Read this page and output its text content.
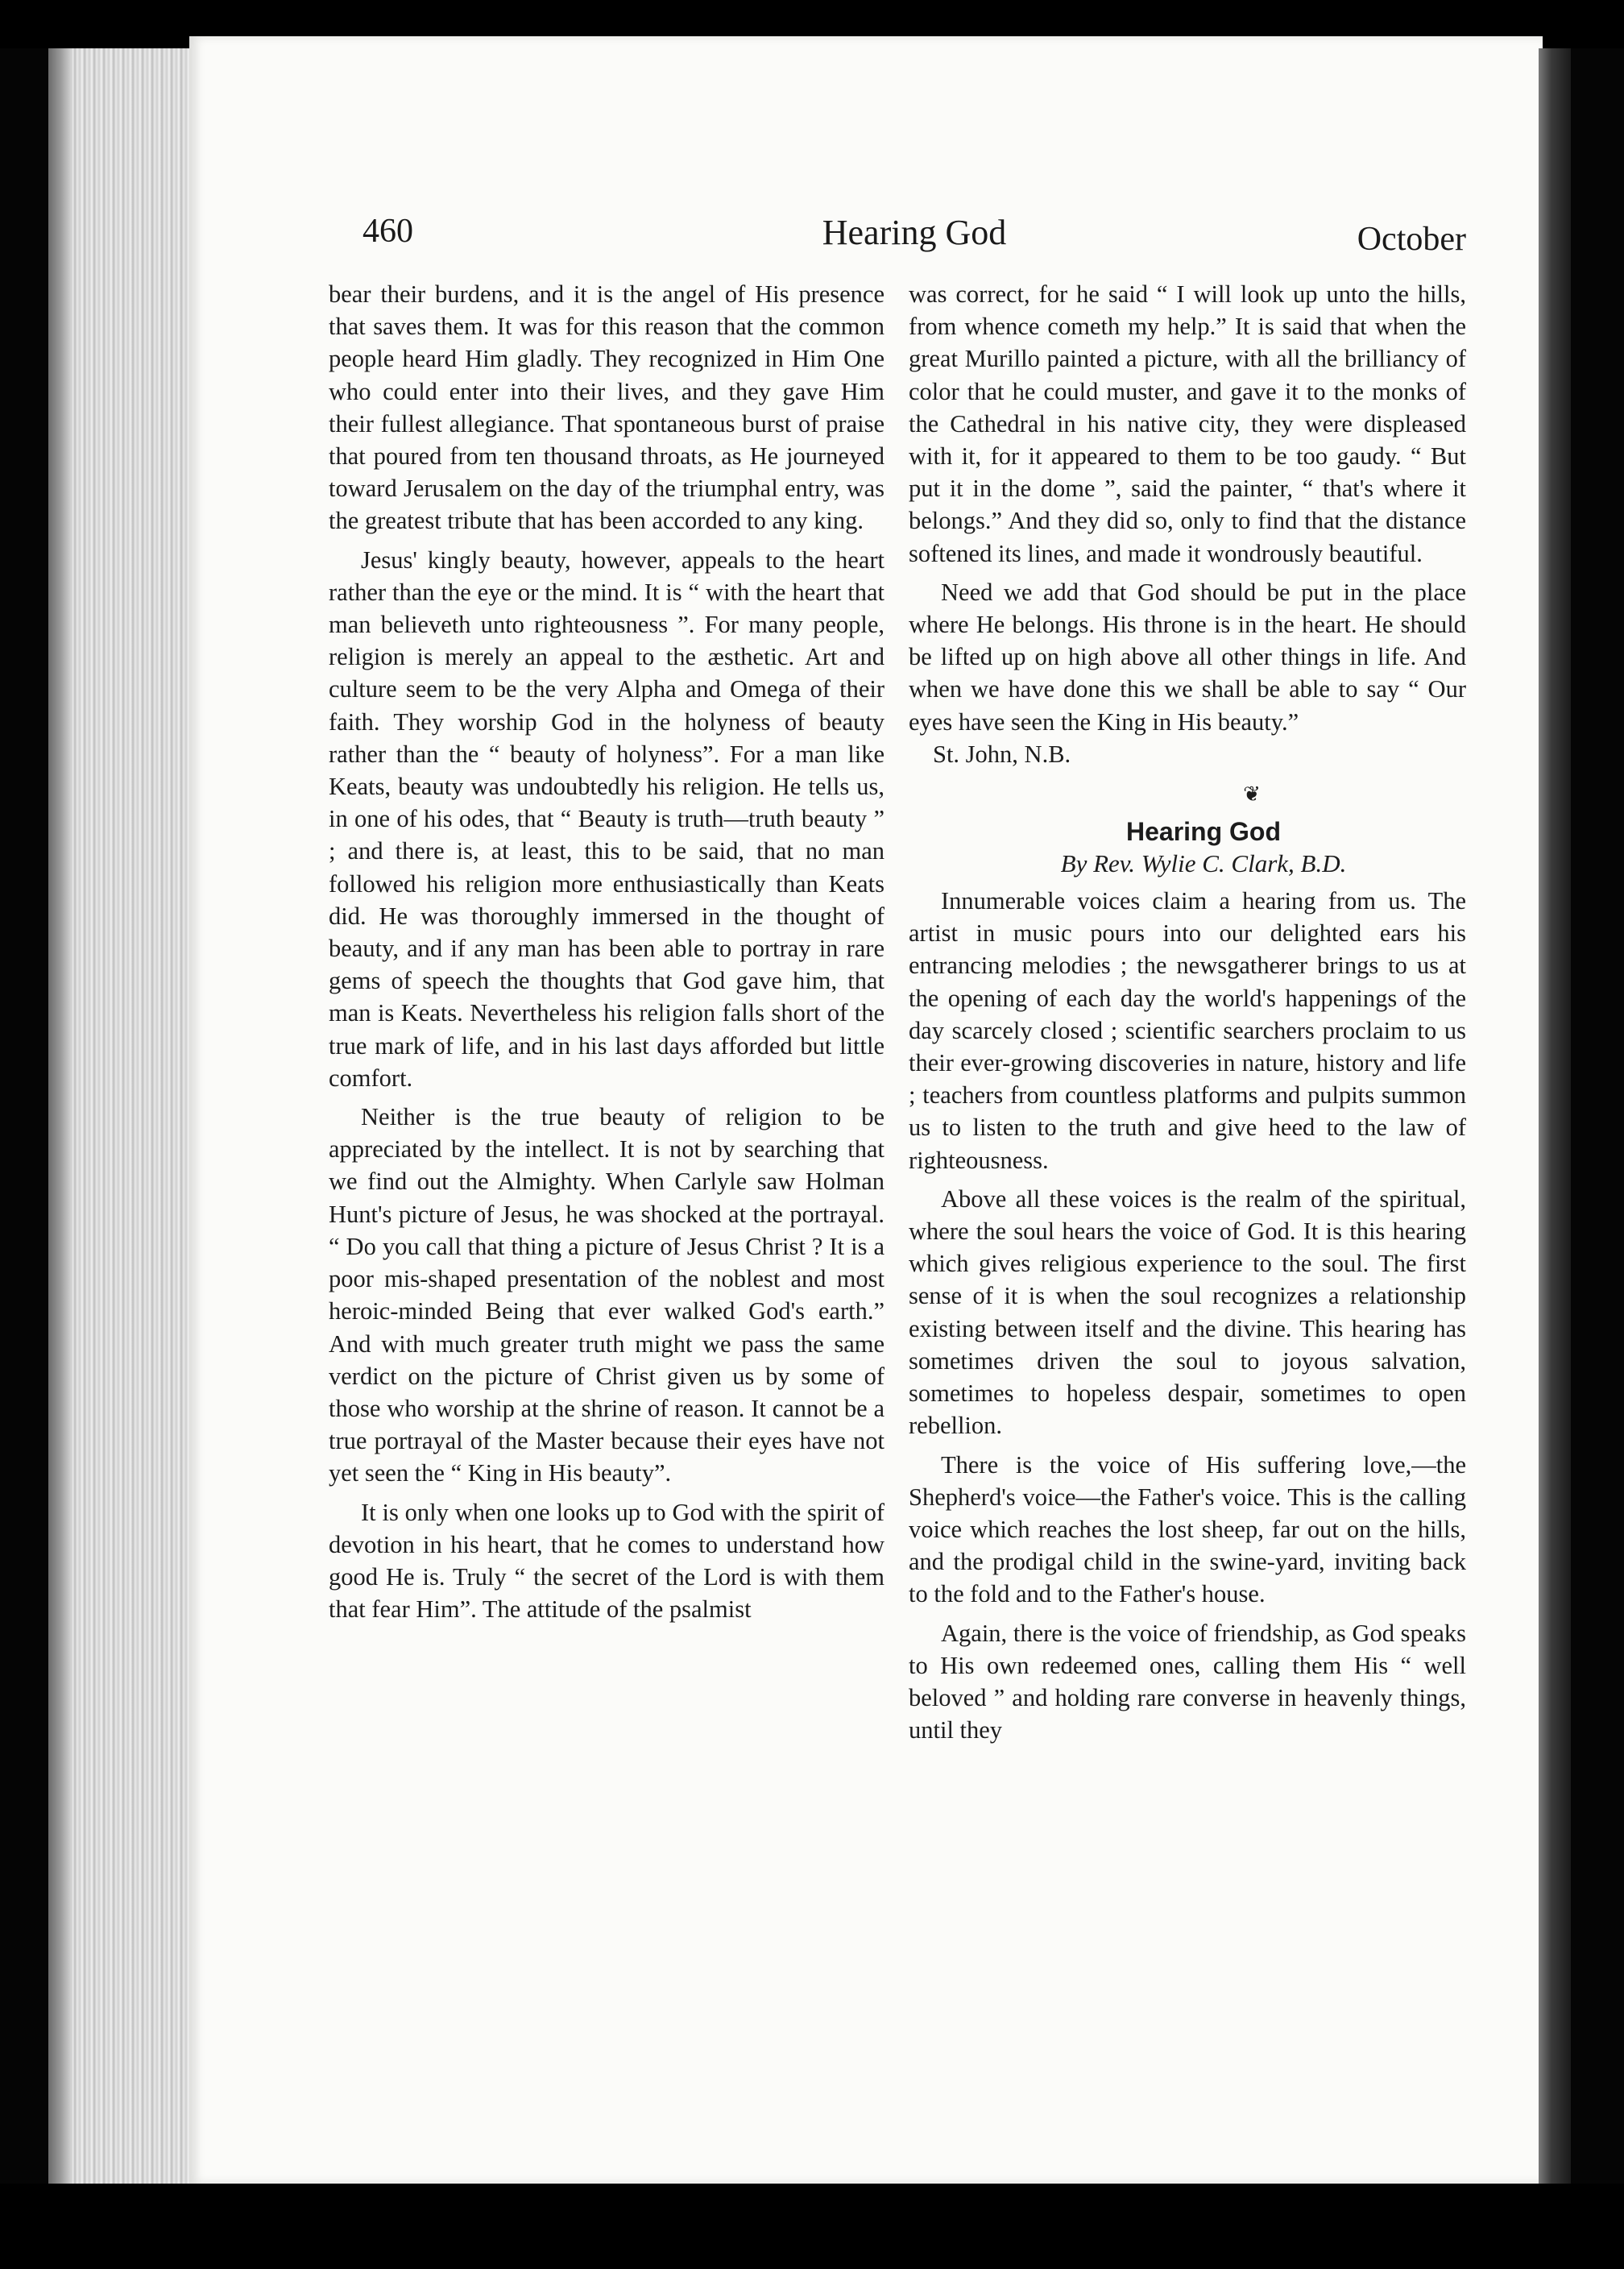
460	Hearing God	October

bear their burdens, and it is the angel of His presence that saves them. It was for this reason that the common people heard Him gladly. They recognized in Him One who could enter into their lives, and they gave Him their fullest allegiance. That spontaneous burst of praise that poured from ten thousand throats, as He journeyed toward Jerusalem on the day of the triumphal entry, was the greatest tribute that has been accorded to any king.

Jesus' kingly beauty, however, appeals to the heart rather than the eye or the mind. It is “ with the heart that man believeth unto righteousness ”. For many people, religion is merely an appeal to the æsthetic. Art and culture seem to be the very Alpha and Omega of their faith. They worship God in the holyness of beauty rather than the “ beauty of holyness”. For a man like Keats, beauty was undoubtedly his religion. He tells us, in one of his odes, that “ Beauty is truth—truth beauty ” ; and there is, at least, this to be said, that no man followed his religion more enthusiastically than Keats did. He was thoroughly immersed in the thought of beauty, and if any man has been able to portray in rare gems of speech the thoughts that God gave him, that man is Keats. Nevertheless his religion falls short of the true mark of life, and in his last days afforded but little comfort.

Neither is the true beauty of religion to be appreciated by the intellect. It is not by searching that we find out the Almighty. When Carlyle saw Holman Hunt's picture of Jesus, he was shocked at the portrayal. “ Do you call that thing a picture of Jesus Christ ? It is a poor mis-shaped presentation of the noblest and most heroic-minded Being that ever walked God's earth.” And with much greater truth might we pass the same verdict on the picture of Christ given us by some of those who worship at the shrine of reason. It cannot be a true portrayal of the Master because their eyes have not yet seen the “ King in His beauty”.

It is only when one looks up to God with the spirit of devotion in his heart, that he comes to understand how good He is. Truly “ the secret of the Lord is with them that fear Him”. The attitude of the psalmist

was correct, for he said “ I will look up unto the hills, from whence cometh my help.” It is said that when the great Murillo painted a picture, with all the brilliancy of color that he could muster, and gave it to the monks of the Cathedral in his native city, they were displeased with it, for it appeared to them to be too gaudy. “ But put it in the dome ”, said the painter, “ that's where it belongs.” And they did so, only to find that the distance softened its lines, and made it wondrously beautiful.

Need we add that God should be put in the place where He belongs. His throne is in the heart. He should be lifted up on high above all other things in life. And when we have done this we shall be able to say “ Our eyes have seen the King in His beauty.”

St. John, N.B.

❦
Hearing God
By Rev. Wylie C. Clark, B.D.

Innumerable voices claim a hearing from us. The artist in music pours into our delighted ears his entrancing melodies ; the newsgatherer brings to us at the opening of each day the world's happenings of the day scarcely closed ; scientific searchers proclaim to us their ever-growing discoveries in nature, history and life ; teachers from countless platforms and pulpits summon us to listen to the truth and give heed to the law of righteousness.

Above all these voices is the realm of the spiritual, where the soul hears the voice of God. It is this hearing which gives religious experience to the soul. The first sense of it is when the soul recognizes a relationship existing between itself and the divine. This hearing has sometimes driven the soul to joyous salvation, sometimes to hopeless despair, sometimes to open rebellion.

There is the voice of His suffering love,—the Shepherd's voice—the Father's voice. This is the calling voice which reaches the lost sheep, far out on the hills, and the prodigal child in the swine-yard, inviting back to the fold and to the Father's house.

Again, there is the voice of friendship, as God speaks to His own redeemed ones, calling them His “ well beloved ” and holding rare converse in heavenly things, until they
